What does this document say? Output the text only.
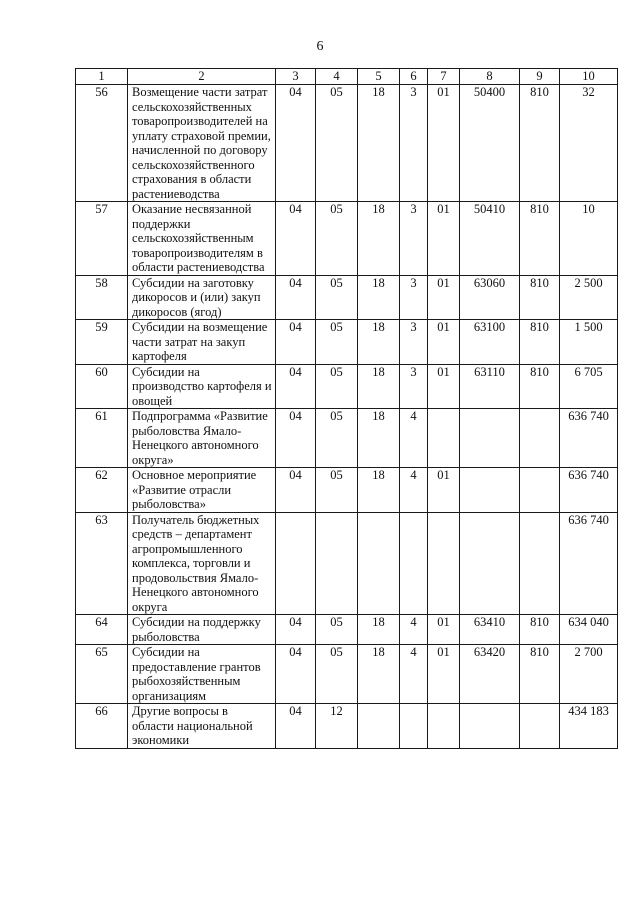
6
1	2	3	4	5	6	7	8	9	10
56	Возмещение части затрат сельскохозяйственных товаропроизводителей на уплату страховой премии, начисленной по договору сельскохозяйственного страхования в области растениеводства	04	05	18	3	01	50400	810	32
57	Оказание несвязанной поддержки сельскохозяйственным товаропроизводителям в области растениеводства	04	05	18	3	01	50410	810	10
58	Субсидии на заготовку дикоросов и (или) закуп дикоросов (ягод)	04	05	18	3	01	63060	810	2 500
59	Субсидии на возмещение части затрат на закуп картофеля	04	05	18	3	01	63100	810	1 500
60	Субсидии на производство картофеля и овощей	04	05	18	3	01	63110	810	6 705
61	Подпрограмма «Развитие рыболовства Ямало-Ненецкого автономного округа»	04	05	18	4				636 740
62	Основное мероприятие «Развитие отрасли рыболовства»	04	05	18	4	01			636 740
63	Получатель бюджетных средств – департамент агропромышленного комплекса, торговли и продовольствия Ямало-Ненецкого автономного округа								636 740
64	Субсидии на поддержку рыболовства	04	05	18	4	01	63410	810	634 040
65	Субсидии на предоставление грантов рыбохозяйственным организациям	04	05	18	4	01	63420	810	2 700
66	Другие вопросы в области национальной экономики	04	12						434 183
